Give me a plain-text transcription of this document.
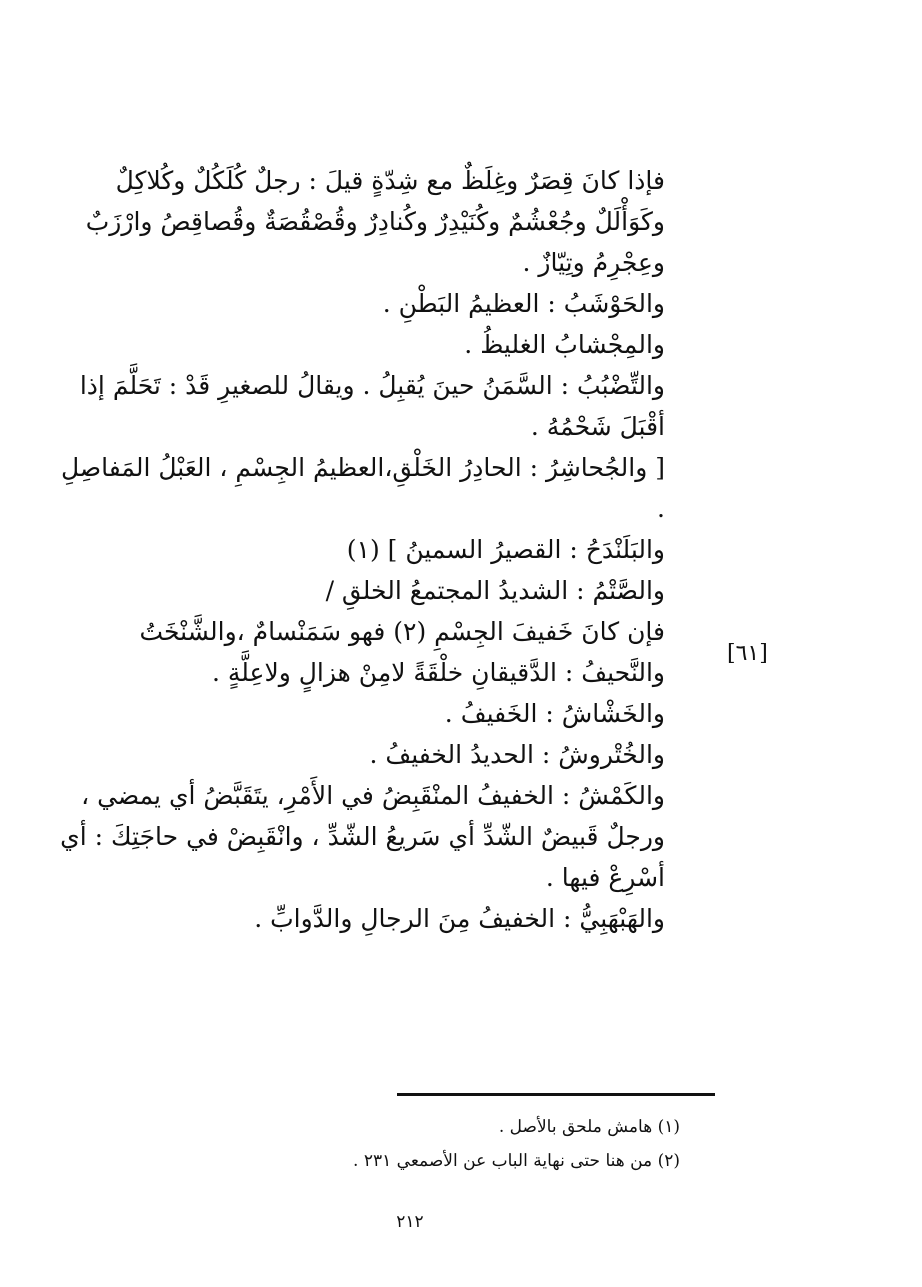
فإذا كانَ قِصَرٌ وغِلَظٌ مع شِدّةٍ قيلَ : رجلٌ كُلَكُلٌ وكُلاكِلٌ وكَوَأْلَلٌ وجُعْشُمٌ وكُنَيْدِرٌ وكُنادِرٌ وقُصْقُصَةٌ وقُصاقِصُ وارْزَبٌ وعِجْرِمُ وتِيّازٌ .

والحَوْشَبُ : العظيمُ البَطْنِ .

والمِجْشابُ الغليظُ .

والتِّضْبُبُ : السَّمَنُ حينَ يُقبِلُ . ويقالُ للصغيرِ قَدْ : تَحَلَّمَ إذا أقْبَلَ شَحْمُهُ .

[ والجُحاشِرُ : الحادِرُ الخَلْقِ،العظيمُ الجِسْمِ ، العَبْلُ المَفاصِلِ .

والبَلَنْدَحُ : القصيرُ السمينُ ] (١)

والصَّتْمُ : الشديدُ المجتمعُ الخلقِ /

فإن كانَ خَفيفَ الجِسْمِ (٢) فهو سَمَنْسامٌ ،والشَّنْخَتُ والنَّحيفُ : الدَّقيقانِ خلْقَةً لامِنْ هزالٍ ولاعِلَّةٍ .

والخَشْاشُ : الخَفيفُ .

والخُتْروشُ : الحديدُ الخفيفُ .

والكَمْشُ : الخفيفُ المنْقَبِضُ في الأَمْرِ، يتَقَبَّضُ أي يمضي ، ورجلٌ قَبيضٌ الشّدِّ أي سَريعُ الشّدِّ ، وانْقَبِضْ في حاجَتِكَ : أي أسْرِعْ فيها .

والهَبْهَبِيُّ : الخفيفُ مِنَ الرجالِ والدَّوابِّ .

[٦١]

(١) هامش ملحق بالأصل .

(٢) من هنا حتى نهاية الباب عن الأصمعي ٢٣١ .

٢١٢
